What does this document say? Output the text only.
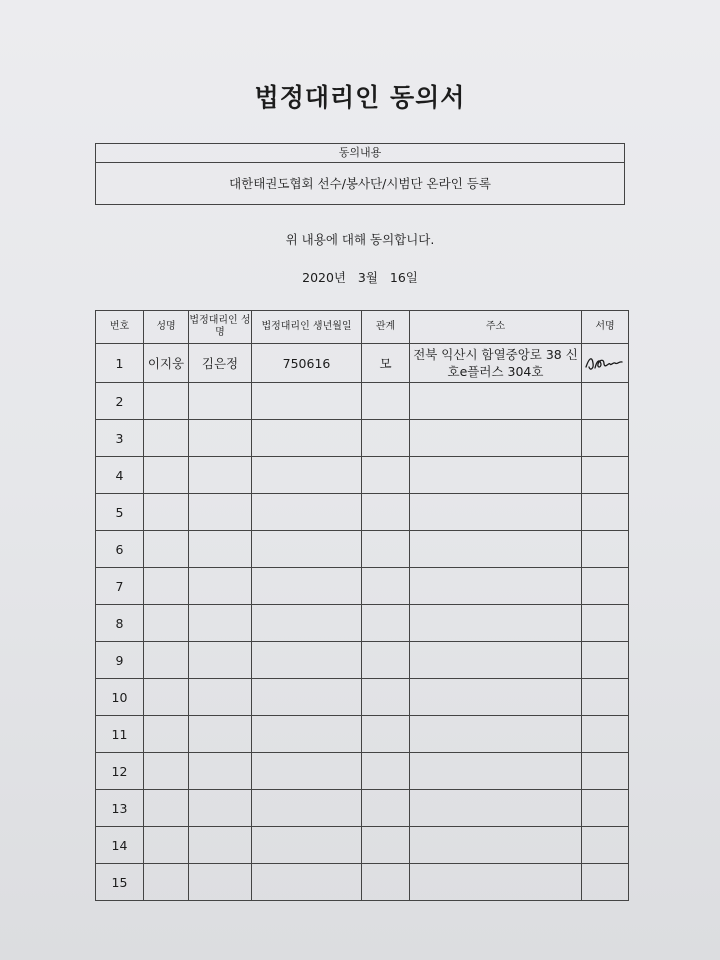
법정대리인 동의서
동의내용
대한태권도협회 선수/봉사단/시범단 온라인 등록
위 내용에 대해 동의합니다.
2020년   3월   16일
번호	성명	법정대리인 성명	법정대리인 생년월일	관계	주소	서명
1	이지웅	김은정	750616	모	전북 익산시 함열중앙로 38 신호e플러스 304호	

2						
3						
4						
5						
6						
7						
8						
9						
10						
11						
12						
13						
14						
15						
